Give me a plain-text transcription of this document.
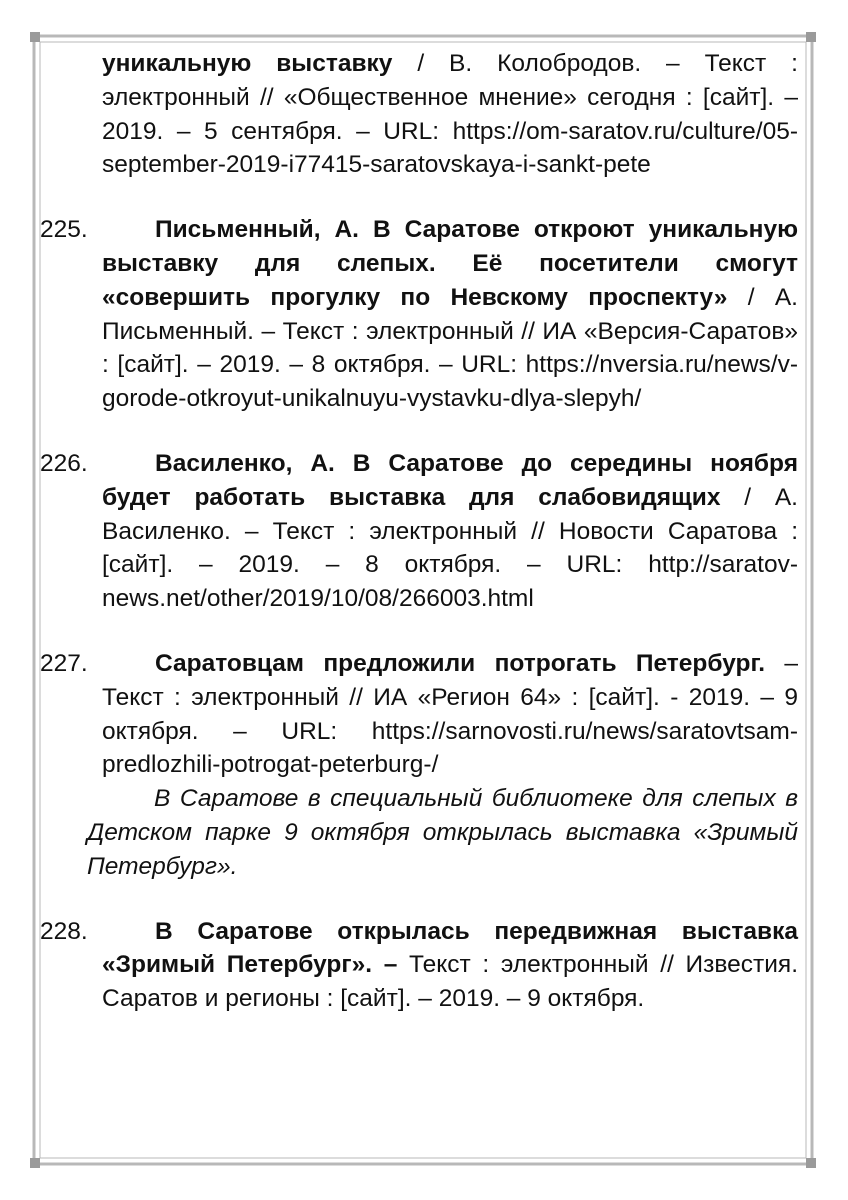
уникальную выставку / В. Колобродов. – Текст : электронный // «Общественное мнение» сегодня : [сайт]. – 2019. – 5 сентября. – URL: https://om-saratov.ru/culture/05-september-2019-i77415-saratovskaya-i-sankt-pete
225.	Письменный, А. В Саратове откроют уникальную выставку для слепых. Её посетители смогут «совершить прогулку по Невскому проспекту» / А. Письменный. – Текст : электронный // ИА «Версия-Саратов» : [сайт]. – 2019. – 8 октября. – URL: https://nversia.ru/news/v-gorode-otkroyut-unikalnuyu-vystavku-dlya-slepyh/
226.	Василенко, А. В Саратове до середины ноября будет работать выставка для слабовидящих / А. Василенко. – Текст : электронный // Новости Саратова : [сайт]. – 2019. – 8 октября. – URL: http://saratov-news.net/other/2019/10/08/266003.html
227.	Саратовцам предложили потрогать Петербург. – Текст : электронный // ИА «Регион 64» : [сайт]. - 2019. – 9 октября. – URL: https://sarnovosti.ru/news/saratovtsam-predlozhili-potrogat-peterburg-/
В Саратове в специальный библиотеке для слепых в Детском парке 9 октября открылась выставка «Зримый Петербург».
228.	В Саратове открылась передвижная выставка «Зримый Петербург». – Текст : электронный // Известия. Саратов и регионы : [сайт]. – 2019. – 9 октября.
